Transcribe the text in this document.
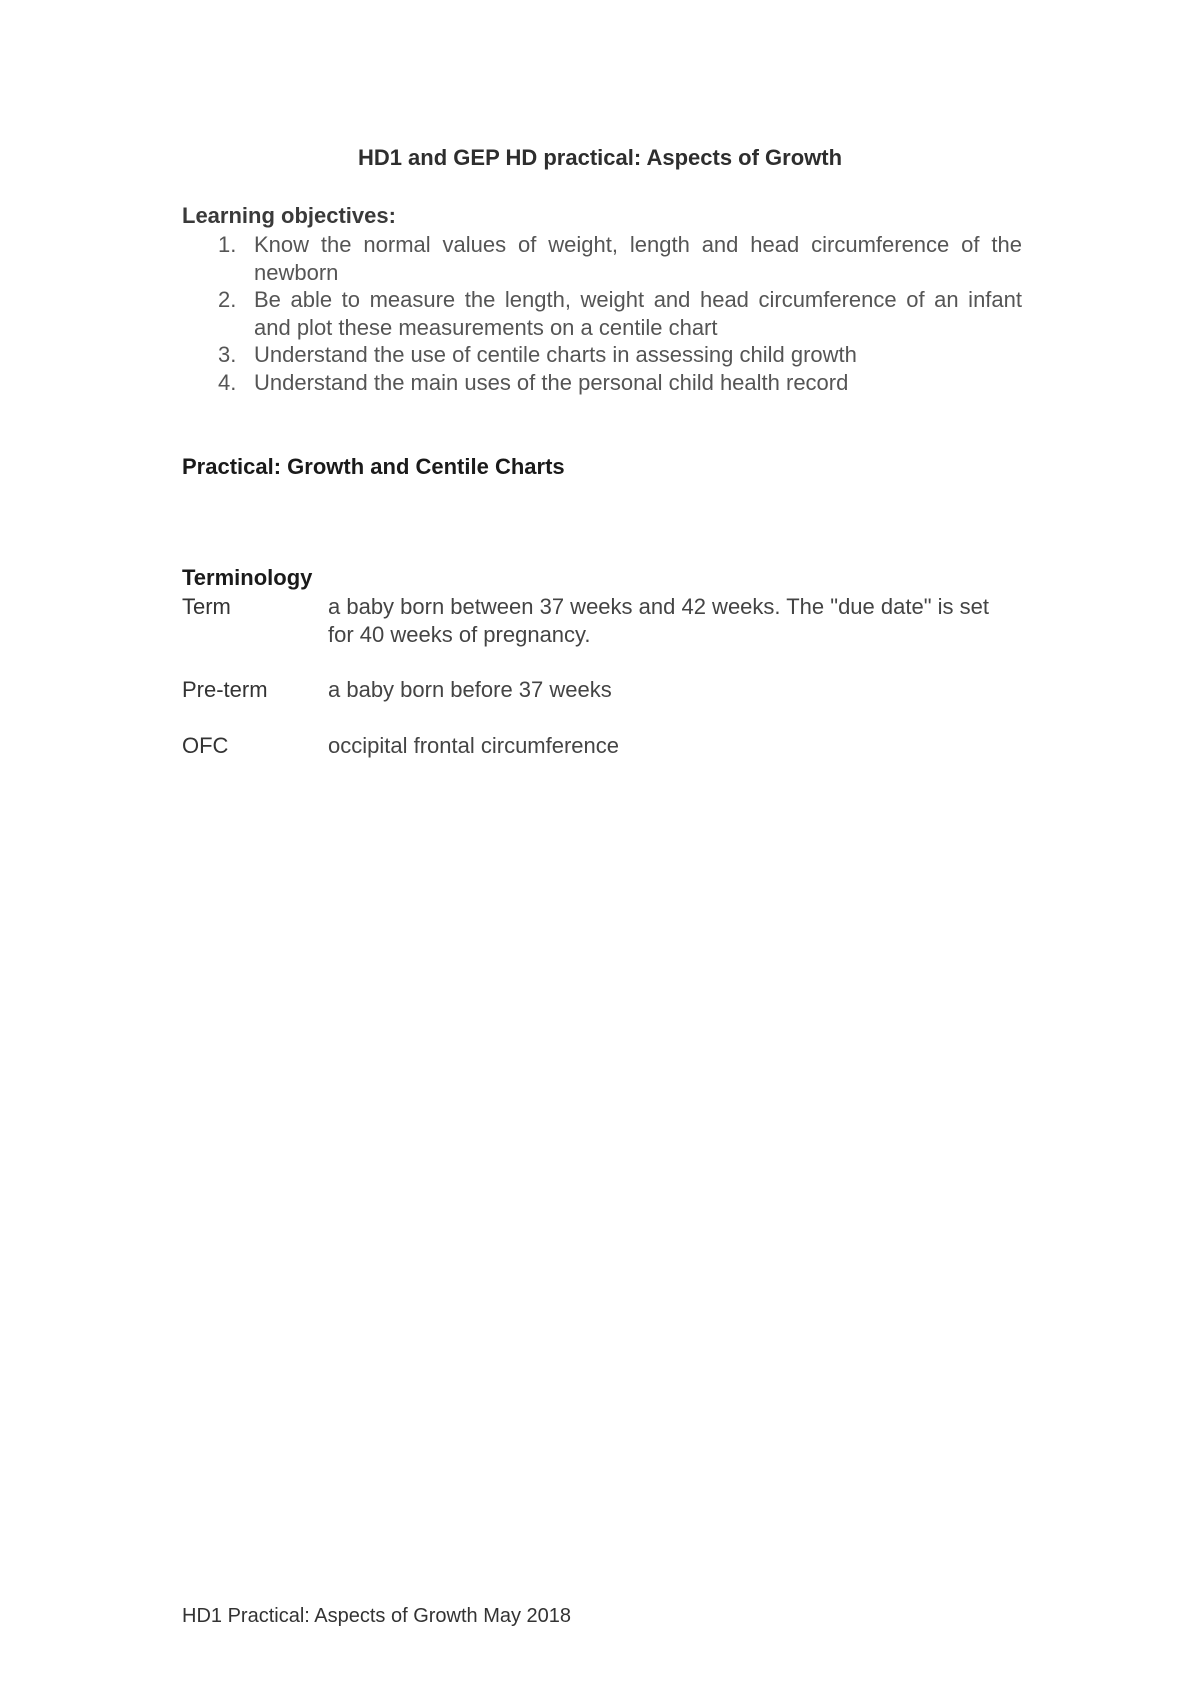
HD1 and GEP HD practical: Aspects of Growth
Learning objectives:
1. Know the normal values of weight, length and head circumference of the newborn
2. Be able to measure the length, weight and head circumference of an infant and plot these measurements on a centile chart
3. Understand the use of centile charts in assessing child growth
4. Understand the main uses of the personal child health record
Practical: Growth and Centile Charts
Terminology
Term	a baby born between 37 weeks and 42 weeks. The "due date" is set for 40 weeks of pregnancy.
Pre-term	a baby born before 37 weeks
OFC	occipital frontal circumference
HD1 Practical: Aspects of Growth May 2018
